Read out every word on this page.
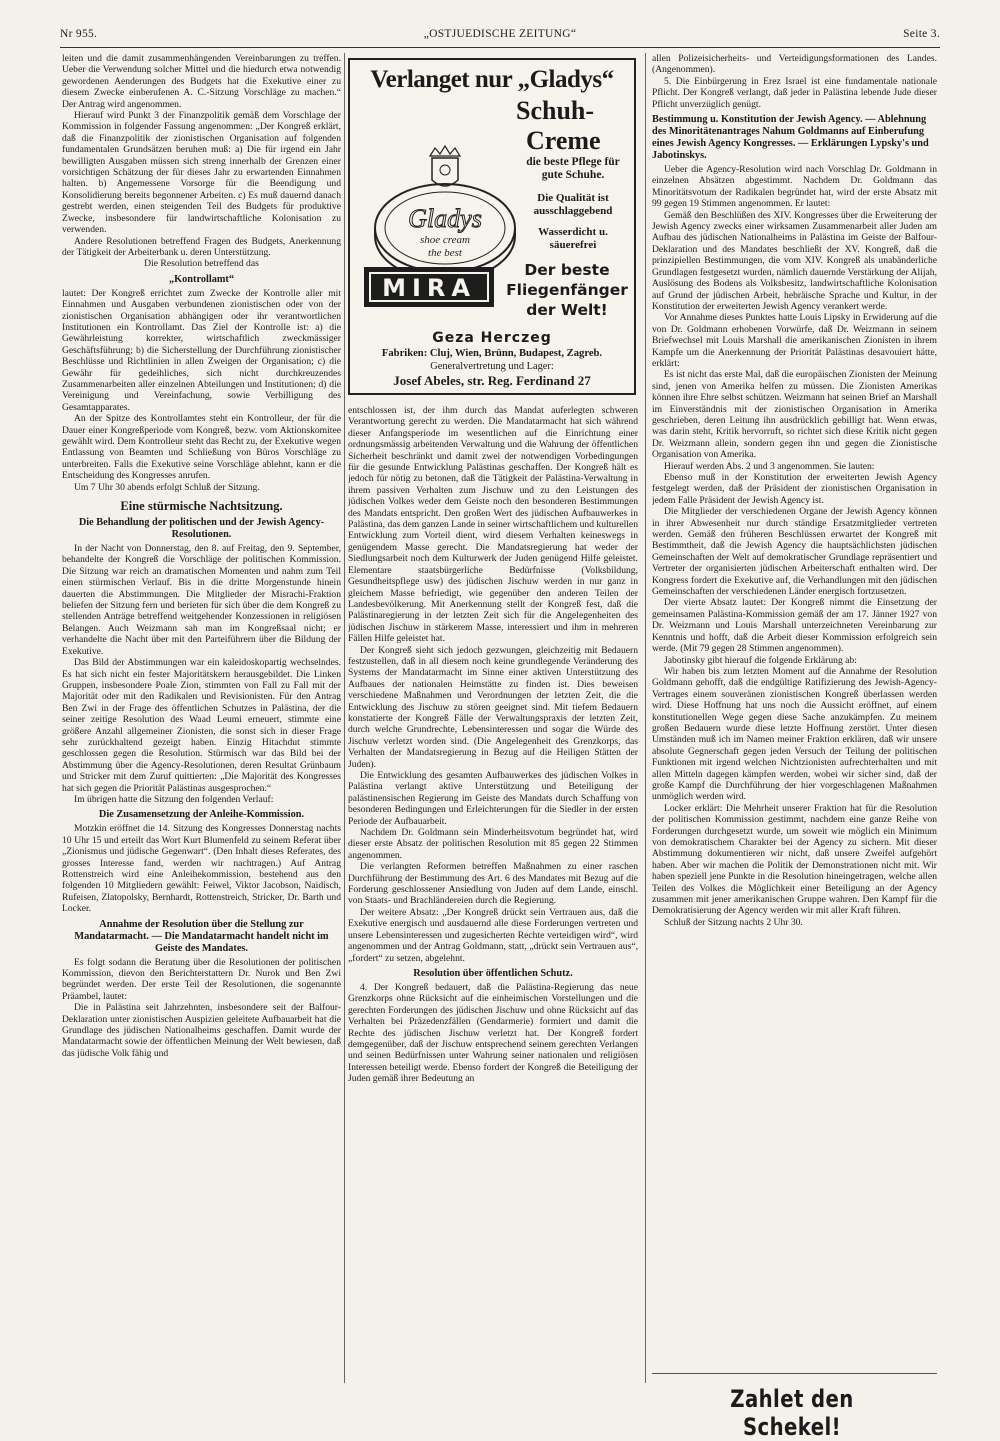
Nr 955.	„OSTJUEDISCHE ZEITUNG“	Seite 3.

leiten und die damit zusammenhängenden Vereinbarungen zu treffen. Ueber die Verwendung solcher Mittel und die hiedurch etwa notwendig gewordenen Aenderungen des Budgets hat die Exekutive einer zu diesem Zwecke einberufenen A. C.-Sitzung Vorschläge zu machen.“ Der Antrag wird angenommen.

Hierauf wird Punkt 3 der Finanzpolitik gemäß dem Vorschlage der Kommission in folgender Fassung angenommen: „Der Kongreß erklärt, daß die Finanzpolitik der zionistischen Organisation auf folgenden fundamentalen Grundsätzen beruhen muß: a) Die für irgend ein Jahr bewilligten Ausgaben müssen sich streng innerhalb der Grenzen einer vorsichtigen Schätzung der für dieses Jahr zu erwartenden Einnahmen halten. b) Angemessene Vorsorge für die Beendigung und Konsolidierung bereits begonnener Arbeiten. c) Es muß dauernd danach gestrebt werden, einen steigenden Teil des Budgets für produktive Zwecke, insbesondere für landwirtschaftliche Kolonisation zu verwenden.

Andere Resolutionen betreffend Fragen des Budgets, Anerkennung der Tätigkeit der Arbeiterbank u. deren Unterstützung.

Die Resolution betreffend das

„Kontrollamt“

lautet: Der Kongreß errichtet zum Zwecke der Kontrolle aller mit Einnahmen und Ausgaben verbundenen zionistischen oder von der zionistischen Organisation abhängigen oder ihr verantwortlichen Institutionen ein Kontrollamt. Das Ziel der Kontrolle ist: a) die Gewährleistung korrekter, wirtschaftlich zweckmässiger Geschäftsführung; b) die Sicherstellung der Durchführung zionistischer Beschlüsse und Richtlinien in allen Zweigen der Organisation; c) die Gewähr für gedeihliches, sich nicht durchkreuzendes Zusammenarbeiten aller einzelnen Abteilungen und Institutionen; d) die Vereinigung und Vereinfachung, sowie Verbilligung des Gesamtapparates.

An der Spitze des Kontrollamtes steht ein Kontrolleur, der für die Dauer einer Kongreßperiode vom Kongreß, bezw. vom Aktionskomitee gewählt wird. Dem Kontrolleur steht das Recht zu, der Exekutive wegen Entlassung von Beamten und Schließung von Büros Vorschläge zu unterbreiten. Falls die Exekutive seine Vorschläge ablehnt, kann er die Entscheidung des Kongresses anrufen.

Um 7 Uhr 30 abends erfolgt Schluß der Sitzung.

Eine stürmische Nachtsitzung.
Die Behandlung der politischen und der Jewish Agency-Resolutionen.

In der Nacht von Donnerstag, den 8. auf Freitag, den 9. September, behandelte der Kongreß die Vorschläge der politischen Kommission. Die Sitzung war reich an dramatischen Momenten und nahm zum Teil einen stürmischen Verlauf. Bis in die dritte Morgenstunde hinein dauerten die Abstimmungen. Die Mitglieder der Misrachi-Fraktion beliefen der Sitzung fern und berieten für sich über die dem Kongreß zu stellenden Anträge betreffend weitgehender Konzessionen in religiösen Belangen. Auch Weizmann sah man im Kongreßsaal nicht; er verhandelte die Nacht über mit den Parteiführern über die Bildung der Exekutive.

Das Bild der Abstimmungen war ein kaleidoskopartig wechselndes. Es hat sich nicht ein fester Majoritätskern herausgebildet. Die Linken Gruppen, insbesondere Poale Zion, stimmten von Fall zu Fall mit der Majorität oder mit den Radikalen und Revisionisten. Für den Antrag Ben Zwi in der Frage des öffentlichen Schutzes in Palästina, der die seiner zeitige Resolution des Waad Leumi erneuert, stimmte eine größere Anzahl allgemeiner Zionisten, die sonst sich in dieser Frage sehr zurückhaltend gezeigt haben. Einzig Hitachdut stimmte geschlossen gegen die Resolution. Stürmisch war das Bild bei der Abstimmung über die Agency-Resolutionen, deren Resultat Grünbaum und Stricker mit dem Zuruf quittierten: „Die Majorität des Kongresses hat sich gegen die Priorität Palästinas ausgesprochen.“

Im übrigen hatte die Sitzung den folgenden Verlauf:

Die Zusamensetzung der Anleihe-Kommission.

Motzkin eröffnet die 14. Sitzung des Kongresses Donnerstag nachts 10 Uhr 15 und erteilt das Wort Kurt Blumenfeld zu seinem Referat über „Zionismus und jüdische Gegenwart“. (Den Inhalt dieses Referates, des grosses Interesse fand, werden wir nachtragen.) Auf Antrag Rottenstreich wird eine Anleihekommission, bestehend aus den folgenden 10 Mitgliedern gewählt: Feiwel, Viktor Jacobson, Naidisch, Rufeisen, Zlatopolsky, Bernhardt, Rottenstreich, Stricker, Dr. Barth und Locker.

Annahme der Resolution über die Stellung zur Mandatarmacht. — Die Mandatarmacht handelt nicht im Geiste des Mandates.

Es folgt sodann die Beratung über die Resolutionen der politischen Kommission, dievon den Berichterstattern Dr. Nurok und Ben Zwi begründet werden. Der erste Teil der Resolutionen, die sogenannte Präambel, lautet:

Die in Palästina seit Jahrzehnten, insbesondere seit der Balfour-Deklaration unter zionistischen Auspizien geleitete Aufbauarbeit hat die Grundlage des jüdischen Nationalheims geschaffen. Damit wurde der Mandatarmacht sowie der öffentlichen Meinung der Welt bewiesen, daß das jüdische Volk fähig und

Verlanget nur „Gladys“
Schuh-
Creme
Gladys
shoe cream
the best
die beste Pflege für gute Schuhe.
Die Qualität ist ausschlaggebend
Wasserdicht u. säuerefrei
MIRA
Der beste
Fliegenfänger
der Welt!
Geza Herczeg
Fabriken: Cluj, Wien, Brünn, Budapest, Zagreb.
Generalvertretung und Lager:
Josef Abeles, str. Reg. Ferdinand 27

entschlossen ist, der ihm durch das Mandat auferlegten schweren Verantwortung gerecht zu werden. Die Mandatarmacht hat sich während dieser Anfangsperiode im wesentlichen auf die Einrichtung einer ordnungsmässig arbeitenden Verwaltung und die Wahrung der öffentlichen Sicherheit beschränkt und damit zwei der notwendigen Vorbedingungen für die gesunde Entwicklung Palästinas geschaffen. Der Kongreß hält es jedoch für nötig zu betonen, daß die Tätigkeit der Palästina-Verwaltung in ihrem passiven Verhalten zum Jischuw und zu den Leistungen des jüdischen Volkes weder dem Geiste noch den besonderen Bestimmungen des Mandats entspricht. Den großen Wert des jüdischen Aufbauwerkes in Palästina, das dem ganzen Lande in seiner wirtschaftlichem und kulturellen Entwicklung zum Vorteil dient, wird diesem Verhalten keineswegs in genügendem Masse gerecht. Die Mandatsregierung hat weder der Siedlungsarbeit noch dem Kulturwerk der Juden genügend Hilfe geleistet. Elementare staatsbürgerliche Bedürfnisse (Volksbildung, Gesundheitspflege usw) des jüdischen Jischuw werden in nur ganz in gleichem Masse befriedigt, wie gegenüber den anderen Teilen der Landesbevölkerung. Mit Anerkennung stellt der Kongreß fest, daß die Palästinaregierung in der letzten Zeit sich für die Angelegenheiten des jüdischen Jischuw in stärkerem Masse, interessiert und ihm in mehreren Fällen Hilfe geleistet hat.

Der Kongreß sieht sich jedoch gezwungen, gleichzeitig mit Bedauern festzustellen, daß in all diesem noch keine grundlegende Veränderung des Systems der Mandatarmacht im Sinne einer aktiven Unterstützung des Aufbaues der nationalen Heimstätte zu finden ist. Dies beweisen verschiedene Maßnahmen und Verordnungen der letzten Zeit, die die Entwicklung des Jischuw zu stören geeignet sind. Mit tiefem Bedauern konstatierte der Kongreß Fälle der Verwaltungspraxis der letzten Zeit, durch welche Grundrechte, Lebensinteressen und sogar die Würde des Jischuw verletzt worden sind. (Die Angelegenheit des Grenzkorps, das Verhalten der Mandatsregierung in Bezug auf die Heiligen Stätten der Juden).

Die Entwicklung des gesamten Aufbauwerkes des jüdischen Volkes in Palästina verlangt aktive Unterstützung und Beteiligung der palästinensischen Regierung im Geiste des Mandats durch Schaffung von besonderen Bedingungen und Erleichterungen für die Siedler in der ersten Periode der Aufbauarbeit.

Nachdem Dr. Goldmann sein Minderheitsvotum begründet hat, wird dieser erste Absatz der politischen Resolution mit 85 gegen 22 Stimmen angenommen.

Die verlangten Reformen betreffen Maßnahmen zu einer raschen Durchführung der Bestimmung des Art. 6 des Mandates mit Bezug auf die Forderung geschlossener Ansiedlung von Juden auf dem Lande, einschl. von Staats- und Brachländereien durch die Regierung.

Der weitere Absatz: „Der Kongreß drückt sein Vertrauen aus, daß die Exekutive energisch und ausdauernd alle diese Forderungen vertreten und unsere Lebensinteressen und zugesicherten Rechte verteidigen wird“, wird angenommen und der Antrag Goldmann, statt, „drückt sein Vertrauen aus“, „fordert“ zu setzen, abgelehnt.

Resolution über öffentlichen Schutz.

4. Der Kongreß bedauert, daß die Palästina-Regierung das neue Grenzkorps ohne Rücksicht auf die einheimischen Vorstellungen und die gerechten Forderungen des jüdischen Jischuw und ohne Rücksicht auf das Verhalten bei Präzedenzfällen (Gendarmerie) formiert und damit die Rechte des jüdischen Jischuw verletzt hat. Der Kongreß fordert demgegenüber, daß der Jischuw entsprechend seinem gerechten Verlangen und seinen Bedürfnissen unter Wahrung seiner nationalen und religiösen Interessen beteiligt werde. Ebenso fordert der Kongreß die Beteiligung der Juden gemäß ihrer Bedeutung an

allen Polizeisicherheits- und Verteidigungsformationen des Landes. (Angenommen).

5. Die Einbürgerung in Erez Israel ist eine fundamentale nationale Pflicht. Der Kongreß verlangt, daß jeder in Palästina lebende Jude dieser Pflicht unverzüglich genügt.

Bestimmung u. Konstitution der Jewish Agency. — Ablehnung des Minoritätenantrages Nahum Goldmanns auf Einberufung eines Jewish Agency Kongresses. — Erklärungen Lypsky's und Jabotinskys.

Ueber die Agency-Resolution wird nach Vorschlag Dr. Goldmann in einzelnen Absätzen abgestimmt. Nachdem Dr. Goldmann das Minoritätsvotum der Radikalen begründet hat, wird der erste Absatz mit 99 gegen 19 Stimmen angenommen. Er lautet:

Gemäß den Beschlüßen des XIV. Kongresses über die Erweiterung der Jewish Agency zwecks einer wirksamen Zusammenarbeit aller Juden am Aufbau des jüdischen Nationalheims in Palästina im Geiste der Balfour-Deklaration und des Mandates beschließt der XV. Kongreß, daß die prinzipiellen Bestimmungen, die vom XIV. Kongreß als unabänderliche Grundlagen festgesetzt wurden, nämlich dauernde Verstärkung der Alijah, Auslösung des Bodens als Volksbesitz, landwirtschaftliche Kolonisation auf Grund der jüdischen Arbeit, hebräische Sprache und Kultur, in der Konstitution der erweiterten Jewish Agency verankert werde.

Vor Annahme dieses Punktes hatte Louis Lipsky in Erwiderung auf die von Dr. Goldmann erhobenen Vorwürfe, daß Dr. Weizmann in seinem Briefwechsel mit Louis Marshall die amerikanischen Zionisten in ihrem Kampfe um die Anerkennung der Priorität Palästinas desavouiert hätte, erklärt:

Es ist nicht das erste Mal, daß die europäischen Zionisten der Meinung sind, jenen von Amerika helfen zu müssen. Die Zionisten Amerikas können ihre Ehre selbst schützen. Weizmann hat seinen Brief an Marshall im Einverständnis mit der zionistischen Organisation in Amerika geschrieben, deren Leitung ihn ausdrücklich gebilligt hat. Wenn etwas, was darin steht, Kritik hervorruft, so richtet sich diese Kritik nicht gegen Dr. Weizmann allein, sondern gegen ihn und gegen die Zionistische Organisation von Amerika.

Hierauf werden Abs. 2 und 3 angenommen. Sie lauten:

Ebenso muß in der Konstitution der erweiterten Jewish Agency festgelegt werden, daß der Präsident der zionistischen Organisation in jedem Falle Präsident der Jewish Agency ist.

Die Mitglieder der verschiedenen Organe der Jewish Agency können in ihrer Abwesenheit nur durch ständige Ersatzmitglieder vertreten werden. Gemäß den früheren Beschlüssen erwartet der Kongreß mit Bestimmtheit, daß die Jewish Agency die hauptsächlichsten jüdischen Gemeinschaften der Welt auf demokratischer Grundlage repräsentiert und Vertreter der organisierten jüdischen Arbeiterschaft enthalten wird. Der Kongress fordert die Exekutive auf, die Verhandlungen mit den jüdischen Gemeinschaften der verschiedenen Länder energisch fortzusetzen.

Der vierte Absatz lautet: Der Kongreß nimmt die Einsetzung der gemeinsamen Palästina-Kommission gemäß der am 17. Jänner 1927 von Dr. Weizmann und Louis Marshall unterzeichneten Vereinbarung zur Kenntnis und hofft, daß die Arbeit dieser Kommission erfolgreich sein werde. (Mit 79 gegen 28 Stimmen angenommen).

Jabotinsky gibt hierauf die folgende Erklärung ab:

Wir haben bis zum letzten Moment auf die Annahme der Resolution Goldmann gehofft, daß die endgültige Ratifizierung des Jewish-Agency-Vertrages einem souveränen zionistischen Kongreß überlassen werden wird. Diese Hoffnung hat uns noch die Aussicht eröffnet, auf einem konstitutionellen Wege gegen diese Sache anzukämpfen. Zu meinem großen Bedauern wurde diese letzte Hoffnung zerstört. Unter diesen Umständen muß ich im Namen meiner Fraktion erklären, daß wir unsere absolute Gegnerschaft gegen jeden Versuch der Teilung der politischen Funktionen mit irgend welchen Nichtzionisten aufrechterhalten und mit allen Mitteln dagegen kämpfen werden, wobei wir sicher sind, daß der große Kampf die Durchführung der hier vorgeschlagenen Maßnahmen unmöglich werden wird.

Locker erklärt: Die Mehrheit unserer Fraktion hat für die Resolution der politischen Kommission gestimmt, nachdem eine ganze Reihe von Forderungen durchgesetzt wurde, um soweit wie möglich ein Minimum von demokratischem Charakter bei der Agency zu sichern. Mit dieser Abstimmung dokumentieren wir nicht, daß unsere Zweifel aufgehört haben. Aber wir machen die Politik der Demonstrationen nicht mit. Wir haben speziell jene Punkte in die Resolution hineingetragen, welche allen Teilen des Volkes die Möglichkeit einer Beteiligung an der Agency zusammen mit jener amerikanischen Gruppe wahren. Den Kampf für die Demokratisierung der Agency werden wir mit aller Kraft führen.

Schluß der Sitzung nachts 2 Uhr 30.

Zahlet den Schekel!
